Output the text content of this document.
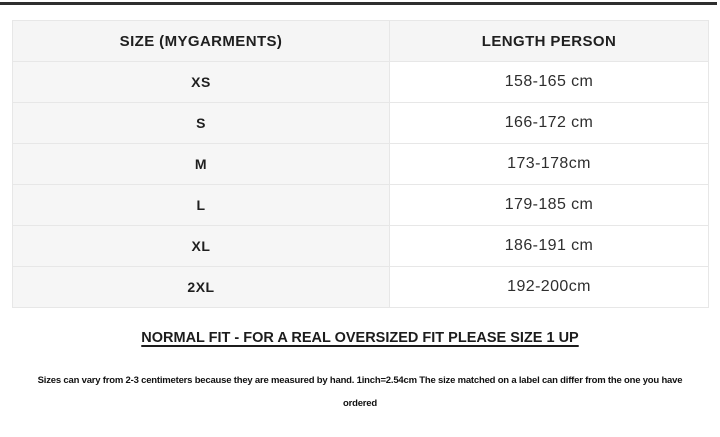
SIZE (MYGARMENTS)	LENGTH PERSON
XS	158-165 cm
S	166-172 cm
M	173-178cm
L	179-185 cm
XL	186-191 cm
2XL	192-200cm
NORMAL FIT - FOR A REAL OVERSIZED FIT PLEASE SIZE 1 UP
Sizes can vary from 2-3 centimeters because they are measured by hand. 1inch=2.54cm The size matched on a label can differ from the one you have
ordered
